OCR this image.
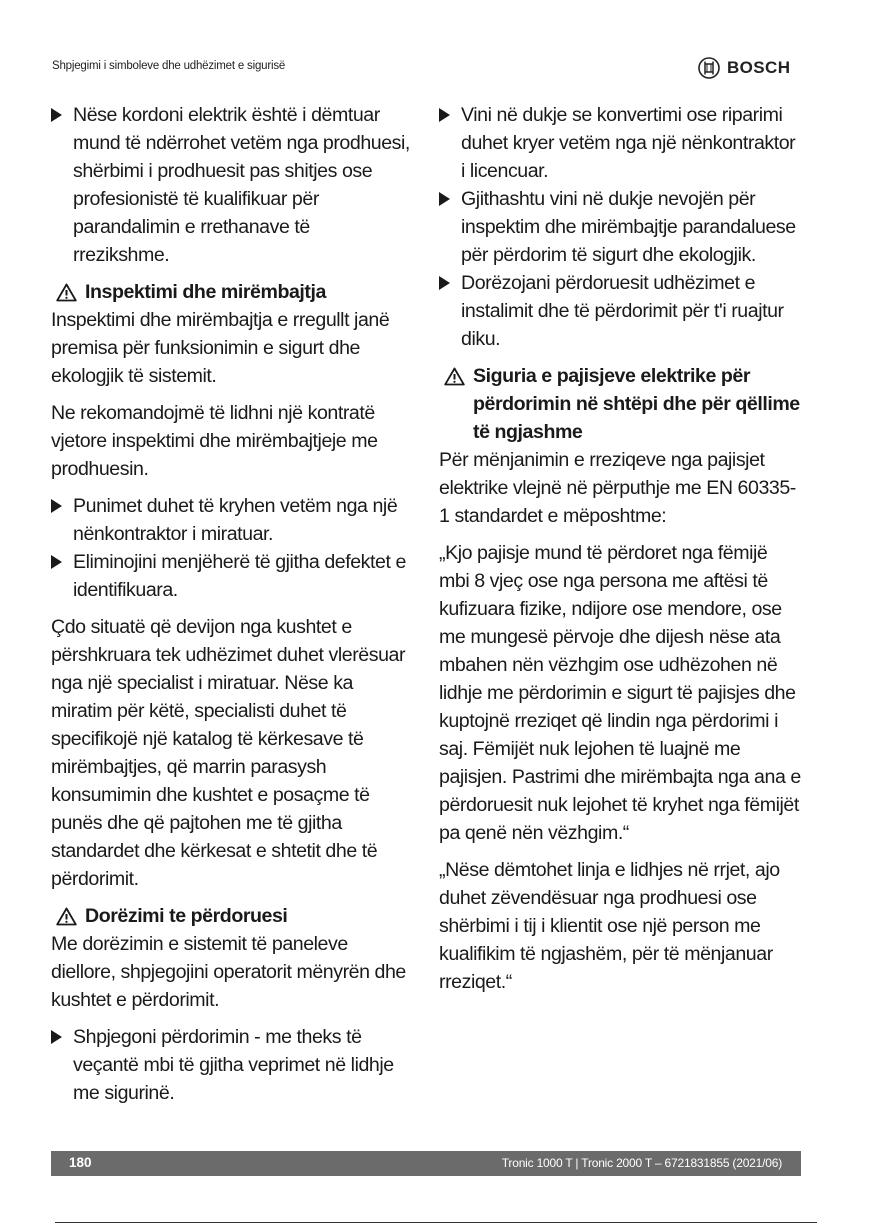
Shpjegimi i simboleve dhe udhëzimet e sigurisë	BOSCH
Nëse kordoni elektrik është i dëmtuar mund të ndërrohet vetëm nga prodhuesi, shërbimi i prodhuesit pas shitjes ose profesionistë të kualifikuar për parandalimin e rrethanave të rrezikshme.
Inspektimi dhe mirëmbajtja
Inspektimi dhe mirëmbajtja e rregullt janë premisa për funksionimin e sigurt dhe ekologjik të sistemit.
Ne rekomandojmë të lidhni një kontratë vjetore inspektimi dhe mirëmbajtjeje me prodhuesin.
Punimet duhet të kryhen vetëm nga një nënkontraktor i miratuar.
Eliminojini menjëherë të gjitha defektet e identifikuara.
Çdo situatë që devijon nga kushtet e përshkruara tek udhëzimet duhet vlerësuar nga një specialist i miratuar. Nëse ka miratim për këtë, specialisti duhet të specifikojë një katalog të kërkesave të mirëmbajtjes, që marrin parasysh konsumimin dhe kushtet e posaçme të punës dhe që pajtohen me të gjitha standardet dhe kërkesat e shtetit dhe të përdorimit.
Dorëzimi te përdoruesi
Me dorëzimin e sistemit të paneleve diellore, shpjegojini operatorit mënyrën dhe kushtet e përdorimit.
Shpjegoni përdorimin - me theks të veçantë mbi të gjitha veprimet në lidhje me sigurinë.
Vini në dukje se konvertimi ose riparimi duhet kryer vetëm nga një nënkontraktor i licencuar.
Gjithashtu vini në dukje nevojën për inspektim dhe mirëmbajtje parandaluese për përdorim të sigurt dhe ekologjik.
Dorëzojani përdoruesit udhëzimet e instalimit dhe të përdorimit për t'i ruajtur diku.
Siguria e pajisjeve elektrike për përdorimin në shtëpi dhe për qëllime të ngjashme
Për mënjanimin e rreziqeve nga pajisjet elektrike vlejnë në përputhje me EN 60335-1 standardet e mëposhtme:
„Kjo pajisje mund të përdoret nga fëmijë mbi 8 vjeç ose nga persona me aftësi të kufizuara fizike, ndijore ose mendore, ose me mungesë përvoje dhe dijesh nëse ata mbahen nën vëzhgim ose udhëzohen në lidhje me përdorimin e sigurt të pajisjes dhe kuptojnë rreziqet që lindin nga përdorimi i saj. Fëmijët nuk lejohen të luajnë me pajisjen. Pastrimi dhe mirëmbajta nga ana e përdoruesit nuk lejohet të kryhet nga fëmijët pa qenë nën vëzhgim.“
„Nëse dëmtohet linja e lidhjes në rrjet, ajo duhet zëvendësuar nga prodhuesi ose shërbimi i tij i klientit ose një person me kualifikim të ngjashëm, për të mënjanuar rreziqet.“
180	Tronic 1000 T | Tronic 2000 T – 6721831855 (2021/06)
